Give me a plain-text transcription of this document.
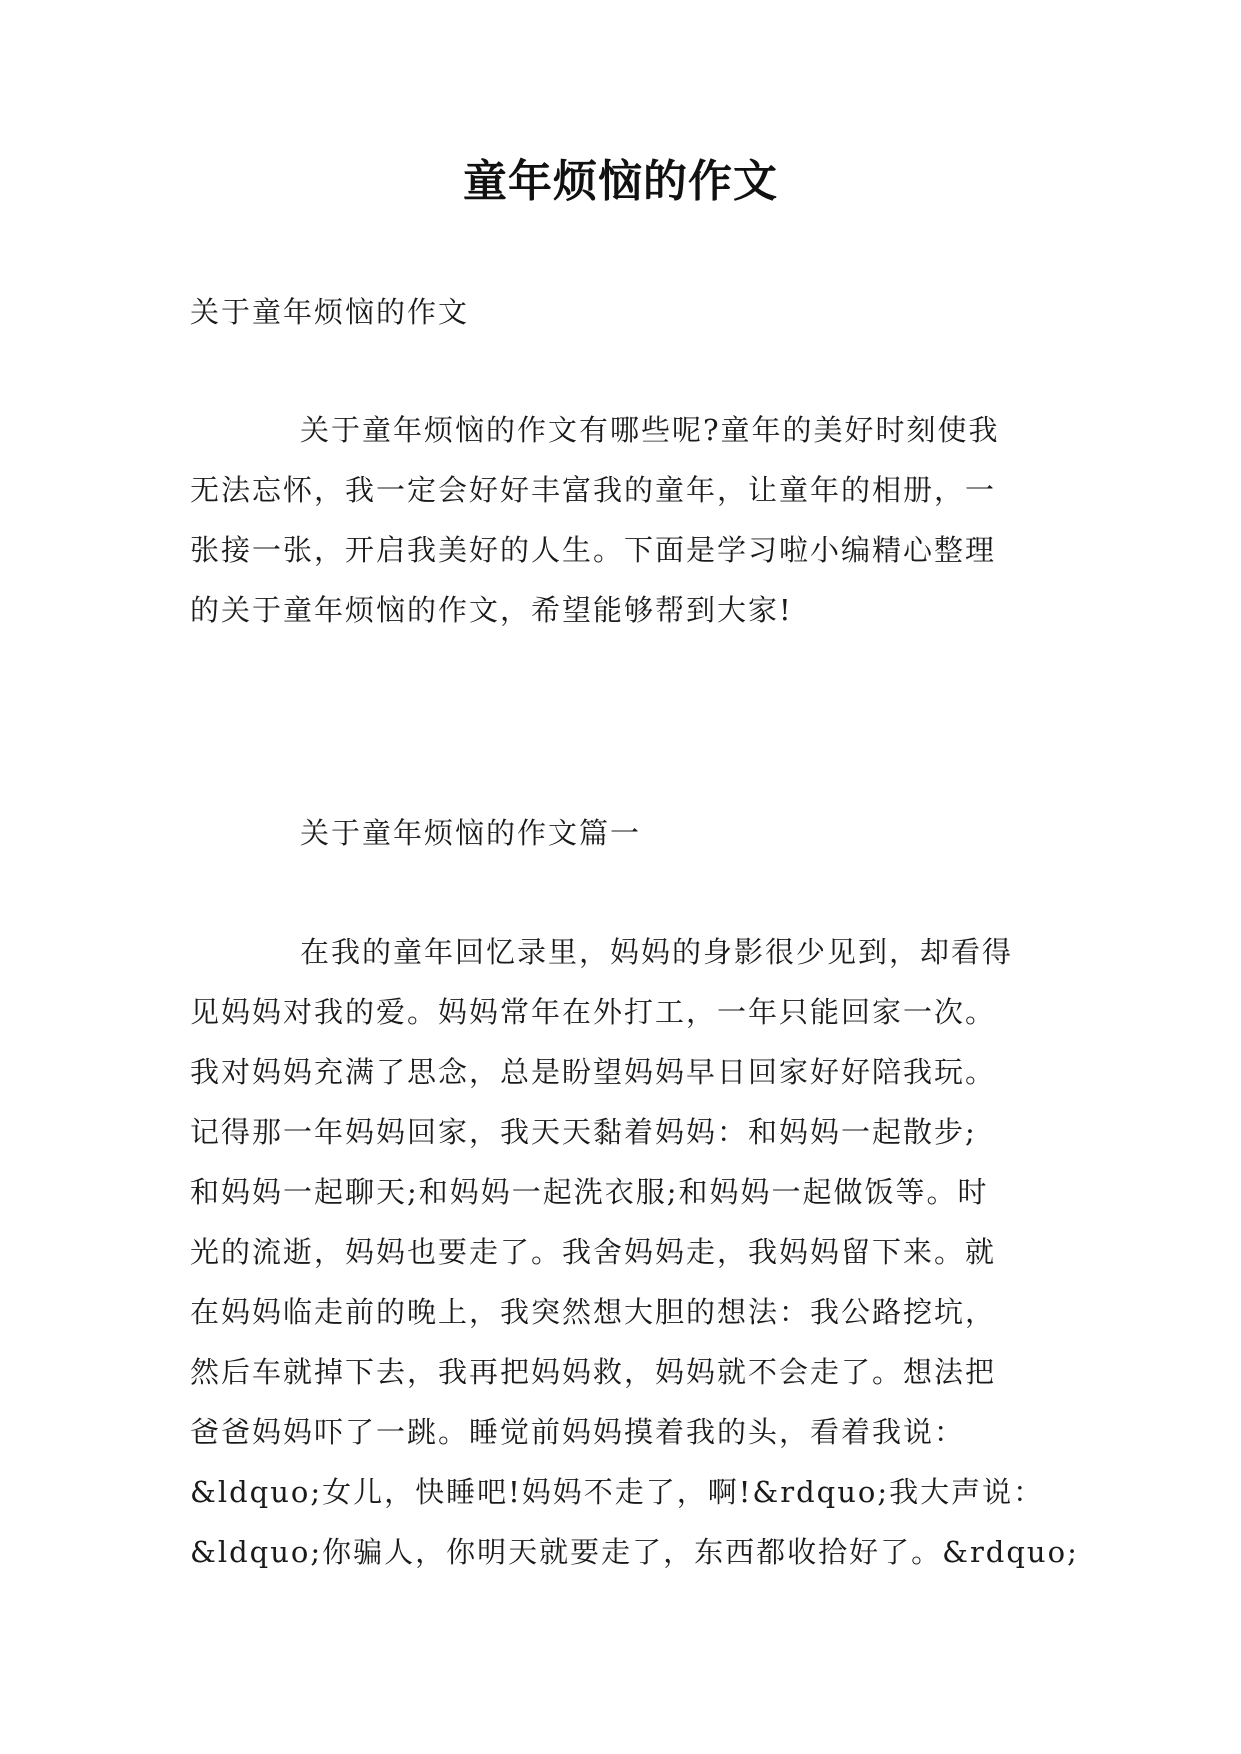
童年烦恼的作文
关于童年烦恼的作文
关于童年烦恼的作文有哪些呢?童年的美好时刻使我
无法忘怀，我一定会好好丰富我的童年，让童年的相册，一
张接一张，开启我美好的人生。下面是学习啦小编精心整理
的关于童年烦恼的作文，希望能够帮到大家!
关于童年烦恼的作文篇一
在我的童年回忆录里，妈妈的身影很少见到，却看得
见妈妈对我的爱。妈妈常年在外打工，一年只能回家一次。
我对妈妈充满了思念，总是盼望妈妈早日回家好好陪我玩。
记得那一年妈妈回家，我天天黏着妈妈：和妈妈一起散步;
和妈妈一起聊天;和妈妈一起洗衣服;和妈妈一起做饭等。时
光的流逝，妈妈也要走了。我舍妈妈走，我妈妈留下来。就
在妈妈临走前的晚上，我突然想大胆的想法：我公路挖坑，
然后车就掉下去，我再把妈妈救，妈妈就不会走了。想法把
爸爸妈妈吓了一跳。睡觉前妈妈摸着我的头，看着我说：
&ldquo;女儿，快睡吧!妈妈不走了，啊!&rdquo;我大声说：
&ldquo;你骗人，你明天就要走了，东西都收拾好了。&rdquo;
